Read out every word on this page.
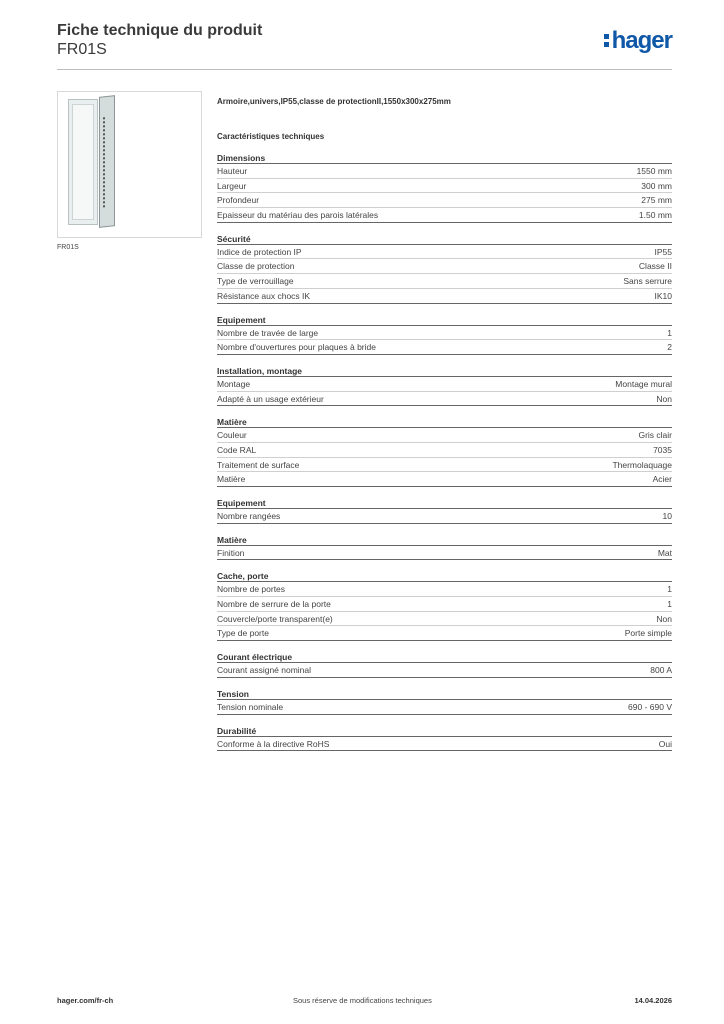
Fiche technique du produit
FR01S	hager
FR01S
Armoire,univers,IP55,classe de protectionII,1550x300x275mm
Caractéristiques techniques
Dimensions
Hauteur	1550 mm
Largeur	300 mm
Profondeur	275 mm
Epaisseur du matériau des parois latérales	1.50 mm
Sécurité
Indice de protection IP	IP55
Classe de protection	Classe II
Type de verrouillage	Sans serrure
Résistance aux chocs IK	IK10
Equipement
Nombre de travée de large	1
Nombre d'ouvertures pour plaques à bride	2
Installation, montage
Montage	Montage mural
Adapté à un usage extérieur	Non
Matière
Couleur	Gris clair
Code RAL	7035
Traitement de surface	Thermolaquage
Matière	Acier
Equipement
Nombre rangées	10
Matière
Finition	Mat
Cache, porte
Nombre de portes	1
Nombre de serrure de la porte	1
Couvercle/porte transparent(e)	Non
Type de porte	Porte simple
Courant électrique
Courant assigné nominal	800 A
Tension
Tension nominale	690 - 690 V
Durabilité
Conforme à la directive RoHS	Oui
hager.com/fr-ch	Sous réserve de modifications techniques	14.04.2026
